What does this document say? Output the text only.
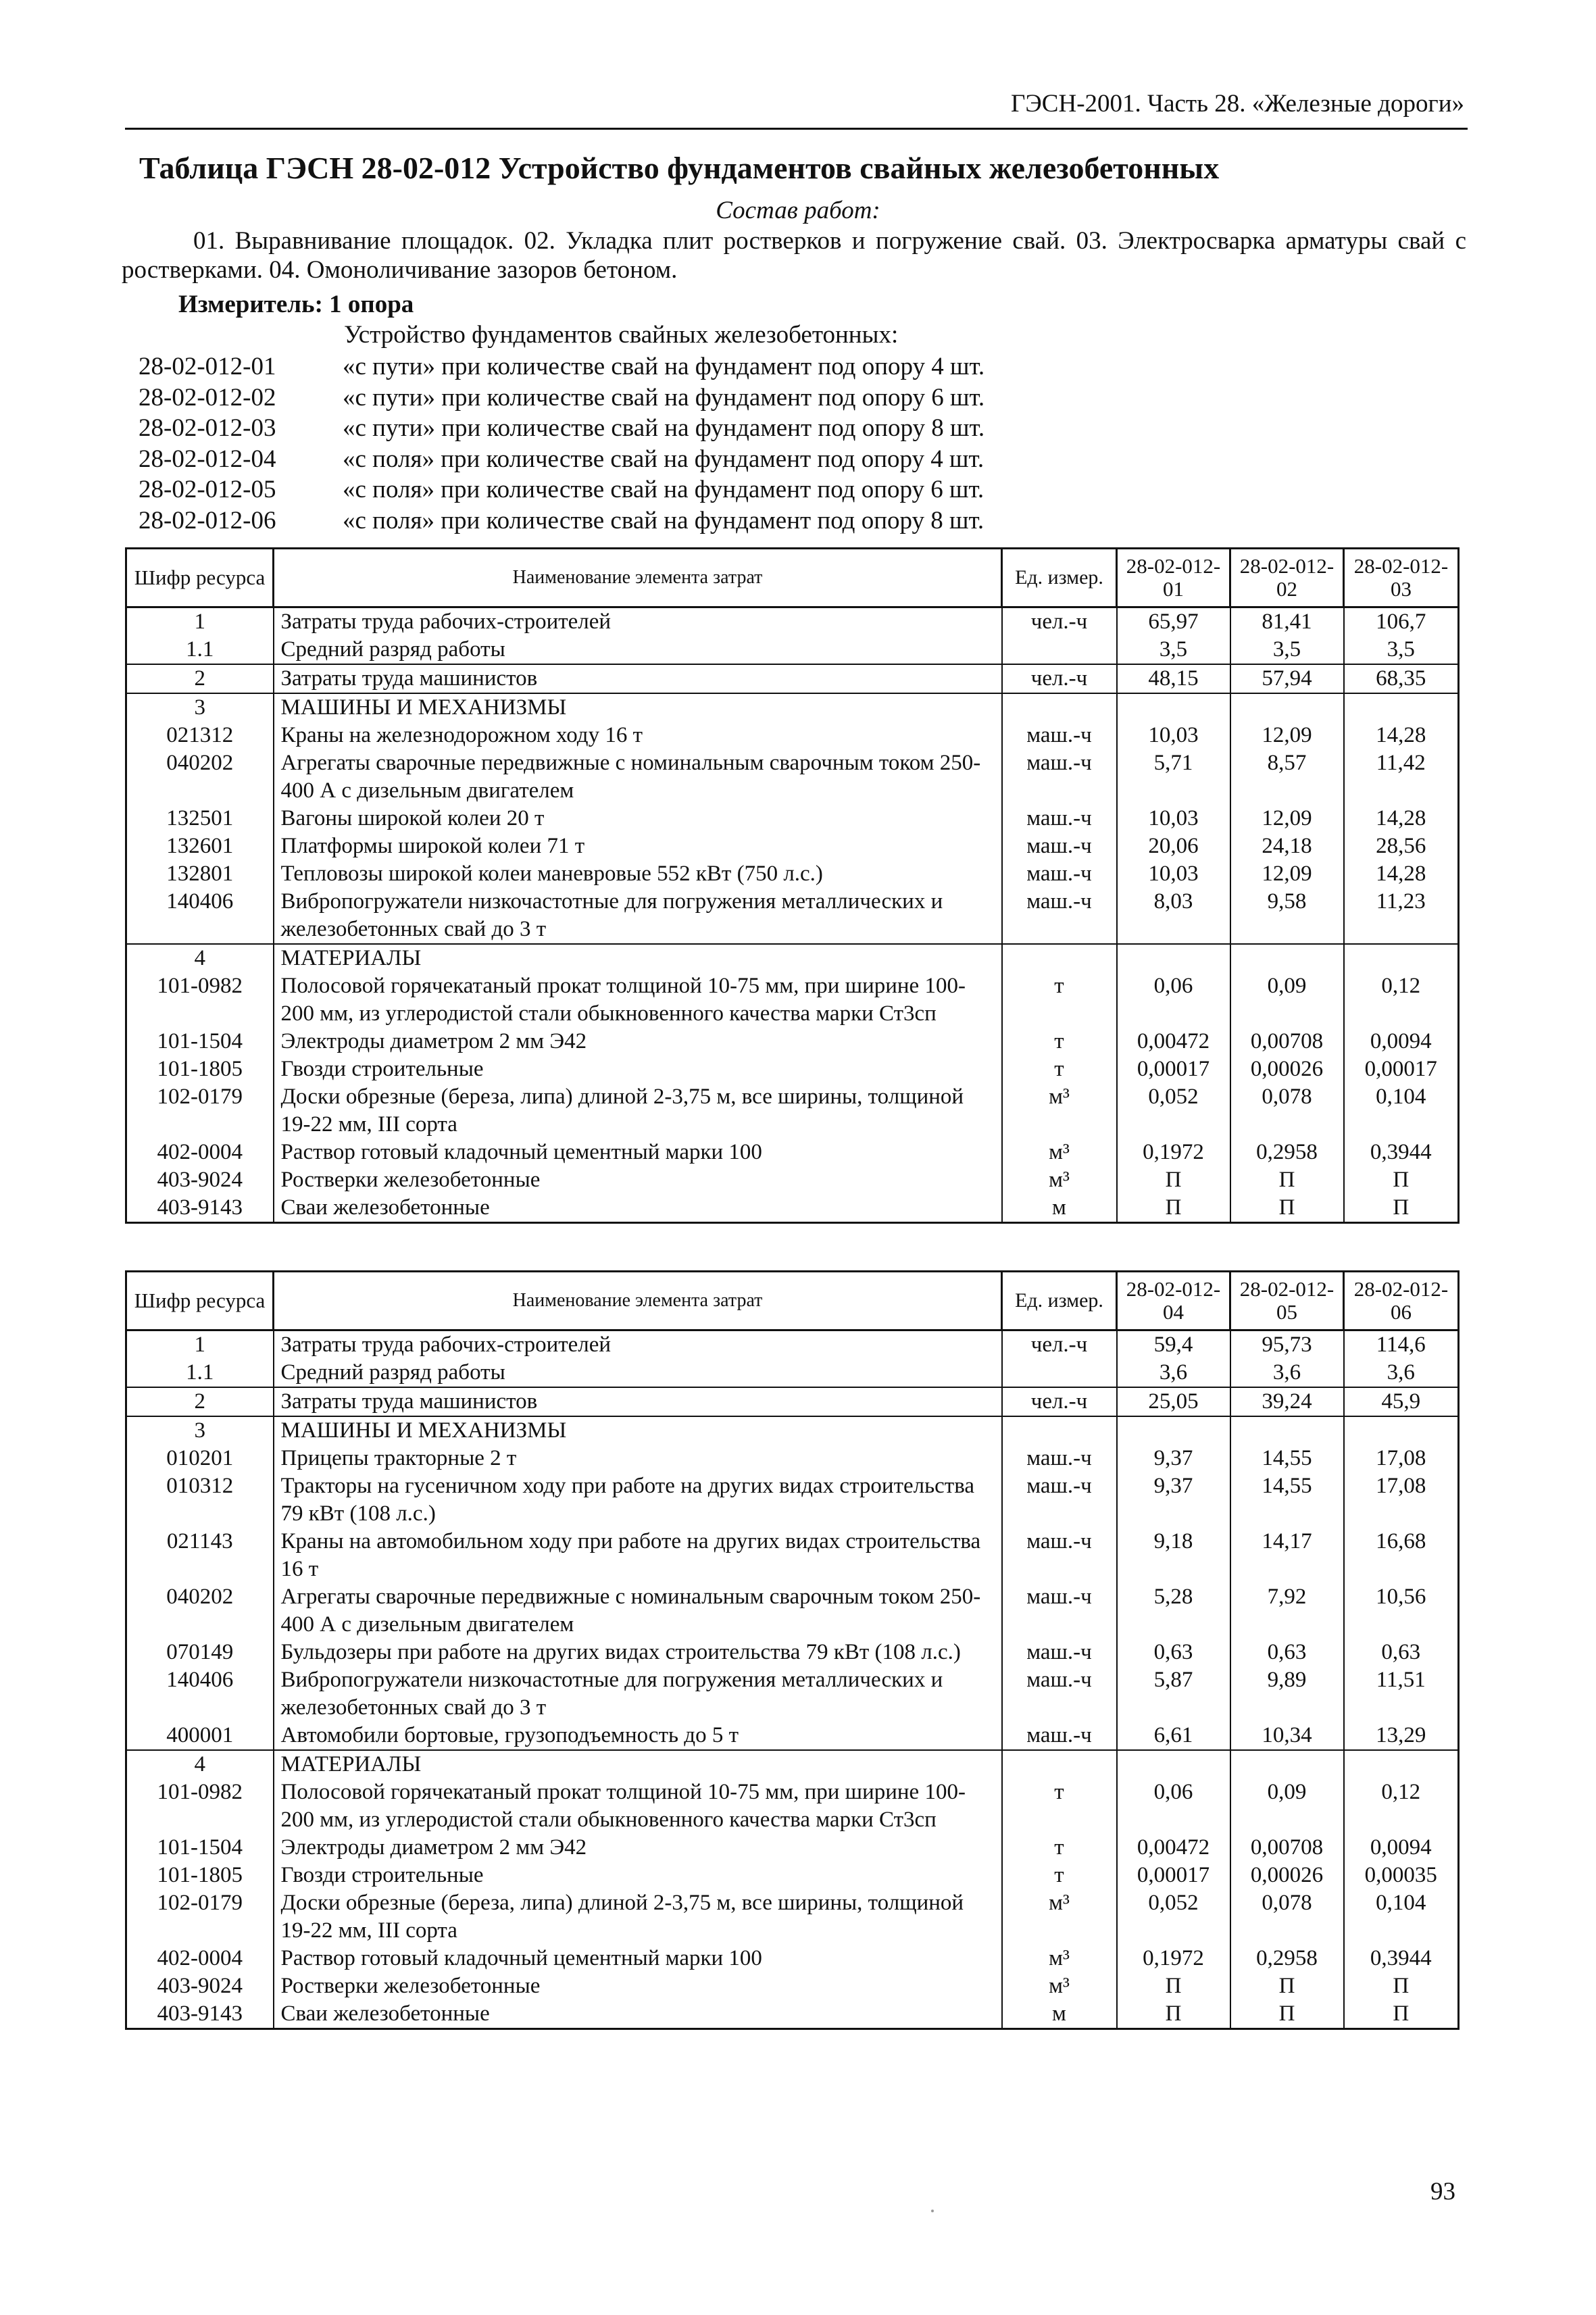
ГЭСН-2001. Часть 28. «Железные дороги»
Таблица ГЭСН 28-02-012 Устройство фундаментов свайных железобетонных
Состав работ:
01. Выравнивание площадок. 02. Укладка плит ростверков и погружение свай. 03. Электросварка арматуры свай с ростверками. 04. Омоноличивание зазоров бетоном.
Измеритель: 1 опора
Устройство фундаментов свайных железобетонных:
28-02-012-01	«с пути» при количестве свай на фундамент под опору 4 шт.
28-02-012-02	«с пути» при количестве свай на фундамент под опору 6 шт.
28-02-012-03	«с пути» при количестве свай на фундамент под опору 8 шт.
28-02-012-04	«с поля» при количестве свай на фундамент под опору 4 шт.
28-02-012-05	«с поля» при количестве свай на фундамент под опору 6 шт.
28-02-012-06	«с поля» при количестве свай на фундамент под опору 8 шт.
Шифр ресурса	Наименование элемента затрат	Ед. измер.	28-02-012-01	28-02-012-02	28-02-012-03
1	Затраты труда рабочих-строителей	чел.-ч	65,97	81,41	106,7
1.1	Средний разряд работы		3,5	3,5	3,5
2	Затраты труда машинистов	чел.-ч	48,15	57,94	68,35
3	МАШИНЫ И МЕХАНИЗМЫ				
021312	Краны на железнодорожном ходу 16 т	маш.-ч	10,03	12,09	14,28
040202	Агрегаты сварочные передвижные с номинальным сварочным током 250-400 А с дизельным двигателем	маш.-ч	5,71	8,57	11,42
132501	Вагоны широкой колеи 20 т	маш.-ч	10,03	12,09	14,28
132601	Платформы широкой колеи 71 т	маш.-ч	20,06	24,18	28,56
132801	Тепловозы широкой колеи маневровые 552 кВт (750 л.с.)	маш.-ч	10,03	12,09	14,28
140406	Вибропогружатели низкочастотные для погружения металлических и железобетонных свай до 3 т	маш.-ч	8,03	9,58	11,23
4	МАТЕРИАЛЫ				
101-0982	Полосовой горячекатаный прокат толщиной 10-75 мм, при ширине 100-200 мм, из углеродистой стали обыкновенного качества марки Ст3сп	т	0,06	0,09	0,12
101-1504	Электроды диаметром 2 мм Э42	т	0,00472	0,00708	0,0094
101-1805	Гвозди строительные	т	0,00017	0,00026	0,00017
102-0179	Доски обрезные (береза, липа) длиной 2-3,75 м, все ширины, толщиной 19-22 мм, III сорта	м³	0,052	0,078	0,104
402-0004	Раствор готовый кладочный цементный марки 100	м³	0,1972	0,2958	0,3944
403-9024	Ростверки железобетонные	м³	П	П	П
403-9143	Сваи железобетонные	м	П	П	П
Шифр ресурса	Наименование элемента затрат	Ед. измер.	28-02-012-04	28-02-012-05	28-02-012-06
1	Затраты труда рабочих-строителей	чел.-ч	59,4	95,73	114,6
1.1	Средний разряд работы		3,6	3,6	3,6
2	Затраты труда машинистов	чел.-ч	25,05	39,24	45,9
3	МАШИНЫ И МЕХАНИЗМЫ				
010201	Прицепы тракторные 2 т	маш.-ч	9,37	14,55	17,08
010312	Тракторы на гусеничном ходу при работе на других видах строительства 79 кВт (108 л.с.)	маш.-ч	9,37	14,55	17,08
021143	Краны на автомобильном ходу при работе на других видах строительства 16 т	маш.-ч	9,18	14,17	16,68
040202	Агрегаты сварочные передвижные с номинальным сварочным током 250-400 А с дизельным двигателем	маш.-ч	5,28	7,92	10,56
070149	Бульдозеры при работе на других видах строительства 79 кВт (108 л.с.)	маш.-ч	0,63	0,63	0,63
140406	Вибропогружатели низкочастотные для погружения металлических и железобетонных свай до 3 т	маш.-ч	5,87	9,89	11,51
400001	Автомобили бортовые, грузоподъемность до 5 т	маш.-ч	6,61	10,34	13,29
4	МАТЕРИАЛЫ				
101-0982	Полосовой горячекатаный прокат толщиной 10-75 мм, при ширине 100-200 мм, из углеродистой стали обыкновенного качества марки Ст3сп	т	0,06	0,09	0,12
101-1504	Электроды диаметром 2 мм Э42	т	0,00472	0,00708	0,0094
101-1805	Гвозди строительные	т	0,00017	0,00026	0,00035
102-0179	Доски обрезные (береза, липа) длиной 2-3,75 м, все ширины, толщиной 19-22 мм, III сорта	м³	0,052	0,078	0,104
402-0004	Раствор готовый кладочный цементный марки 100	м³	0,1972	0,2958	0,3944
403-9024	Ростверки железобетонные	м³	П	П	П
403-9143	Сваи железобетонные	м	П	П	П
93
